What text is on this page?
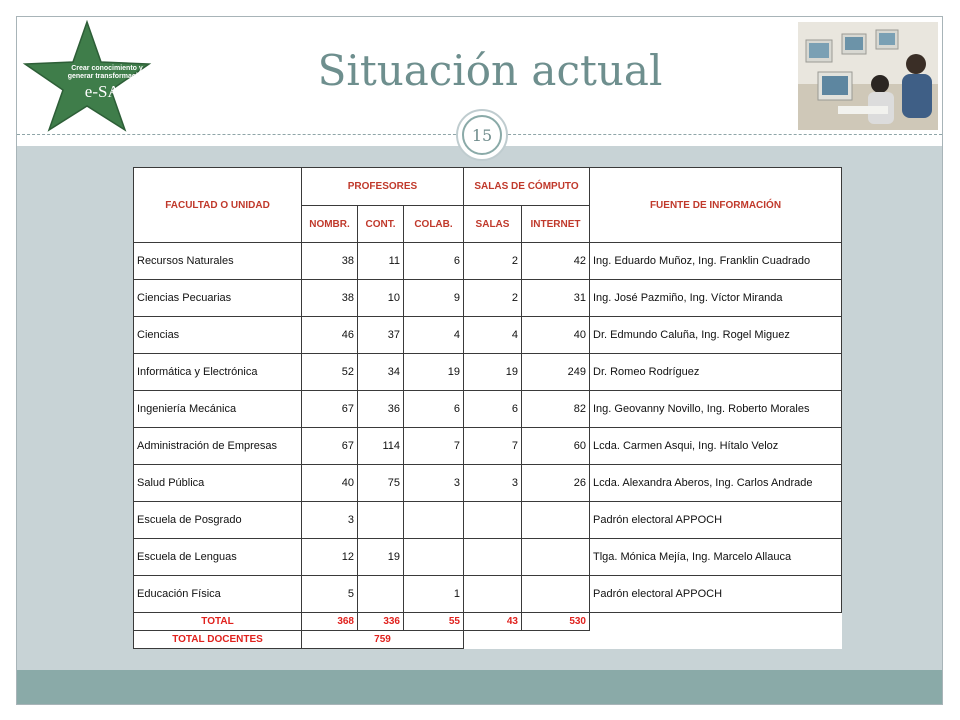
Crear conocimiento y
generar transformación
e-SAP	Situación actual
15
FACULTAD O UNIDAD	PROFESORES			SALAS DE CÓMPUTO		FUENTE DE INFORMACIÓN
	NOMBR.	CONT.	COLAB.	SALAS	INTERNET	
Recursos Naturales	38	11	6	2	42	Ing. Eduardo Muñoz, Ing. Franklin Cuadrado
Ciencias Pecuarias	38	10	9	2	31	Ing. José Pazmiño, Ing. Víctor Miranda
Ciencias	46	37	4	4	40	Dr. Edmundo Caluña, Ing. Rogel Miguez
Informática y Electrónica	52	34	19	19	249	Dr. Romeo Rodríguez
Ingeniería Mecánica	67	36	6	6	82	Ing. Geovanny Novillo, Ing. Roberto Morales
Administración de Empresas	67	114	7	7	60	Lcda. Carmen Asqui, Ing. Hítalo Veloz
Salud Pública	40	75	3	3	26	Lcda. Alexandra Aberos, Ing. Carlos Andrade
Escuela de Posgrado	3					Padrón electoral APPOCH
Escuela de Lenguas	12	19				Tlga. Mónica Mejía, Ing. Marcelo Allauca
Educación Física	5		1			Padrón electoral APPOCH
TOTAL	368	336	55	43	530	
TOTAL DOCENTES	759					
